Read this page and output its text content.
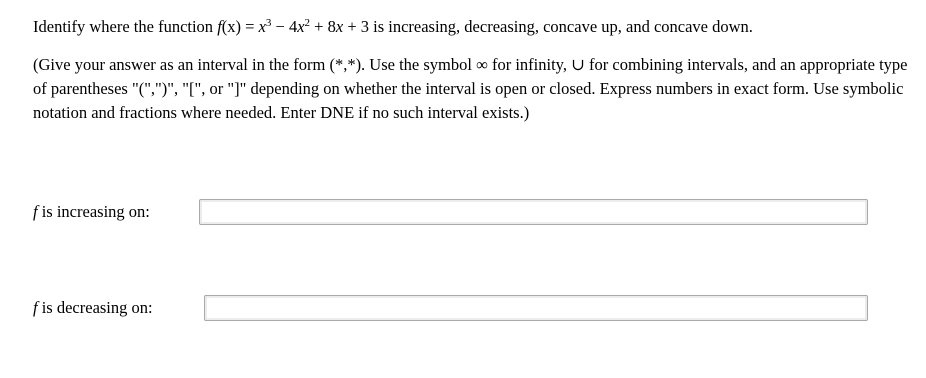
Identify where the function $f(x) = x^3 - 4x^2 + 8x + 3$ is increasing, decreasing, concave up, and concave down.
(Give your answer as an interval in the form (*,*). Use the symbol ∞ for infinity, ∪ for combining intervals, and an appropriate type of parentheses "(",")", "[", or "]" depending on whether the interval is open or closed. Express numbers in exact form. Use symbolic notation and fractions where needed. Enter DNE if no such interval exists.)
f is increasing on:
f is decreasing on:
